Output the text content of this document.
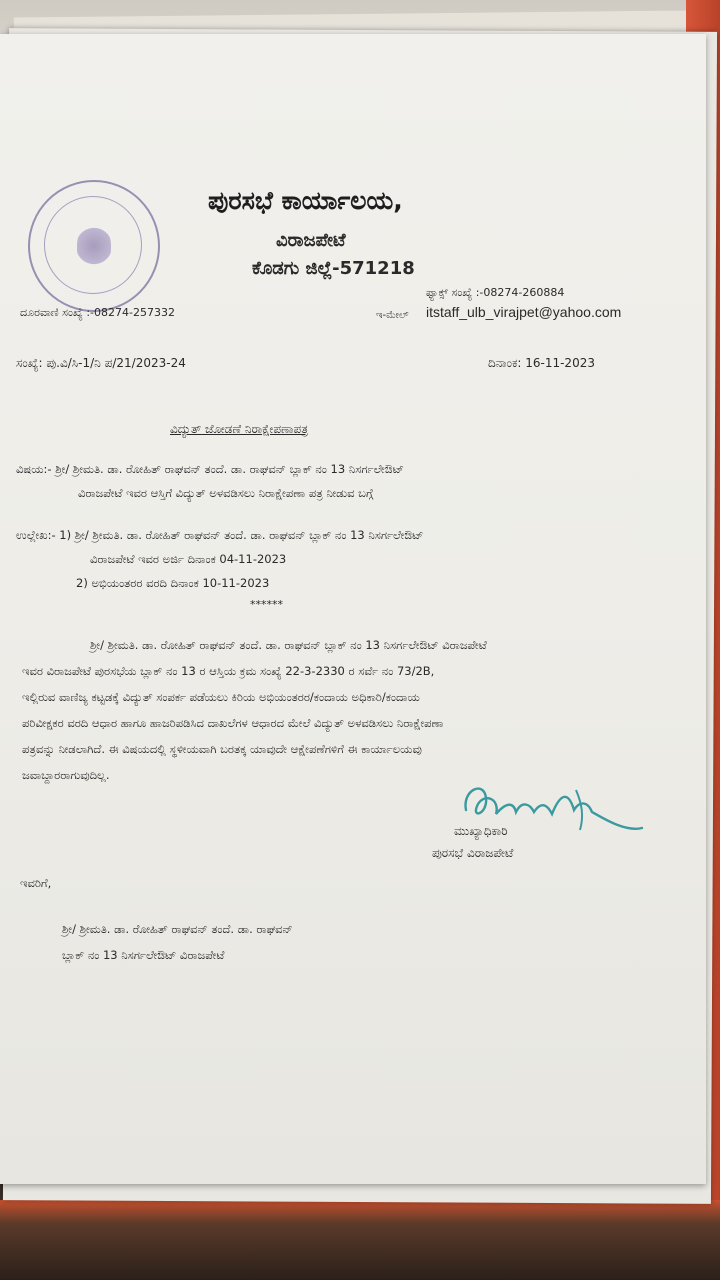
ಪುರಸಭೆ ಕಾರ್ಯಾಲಯ,
ವಿರಾಜಪೇಟೆ
ಕೊಡಗು ಜಿಲ್ಲೆ-571218
ಫ್ಯಾಕ್ಸ್ ಸಂಖ್ಯೆ :-08274-260884
ದೂರವಾಣಿ ಸಂಖ್ಯೆ :-08274-257332	ಇ-ಮೇಲ್ itstaff_ulb_virajpet@yahoo.com
ಸಂಖ್ಯೆ: ಪು.ವಿ/ಸಿ-1/ನಿ ಪ/21/2023-24	ದಿನಾಂಕ: 16-11-2023
ವಿದ್ಯುತ್ ಜೋಡಣೆ ನಿರಾಕ್ಷೇಪಣಾಪತ್ರ
ವಿಷಯ:- ಶ್ರೀ/ ಶ್ರೀಮತಿ. ಡಾ. ರೋಹಿತ್ ರಾಘವನ್ ತಂದೆ. ಡಾ. ರಾಘವನ್ ಬ್ಲಾಕ್ ನಂ 13 ನಿಸರ್ಗಲೇಔಟ್
ವಿರಾಜಪೇಟೆ ಇವರ ಆಸ್ತಿಗೆ ವಿದ್ಯುತ್ ಅಳವಡಿಸಲು ನಿರಾಕ್ಷೇಪಣಾ ಪತ್ರ ನೀಡುವ ಬಗ್ಗೆ
ಉಲ್ಲೇಖ:- 1) ಶ್ರೀ/ ಶ್ರೀಮತಿ. ಡಾ. ರೋಹಿತ್ ರಾಘವನ್ ತಂದೆ. ಡಾ. ರಾಘವನ್ ಬ್ಲಾಕ್ ನಂ 13 ನಿಸರ್ಗಲೇಔಟ್
ವಿರಾಜಪೇಟೆ ಇವರ ಅರ್ಜಿ ದಿನಾಂಕ 04-11-2023
2) ಅಭಿಯಂತರರ ವರದಿ ದಿನಾಂಕ 10-11-2023
******
ಶ್ರೀ/ ಶ್ರೀಮತಿ. ಡಾ. ರೋಹಿತ್ ರಾಘವನ್ ತಂದೆ. ಡಾ. ರಾಘವನ್ ಬ್ಲಾಕ್ ನಂ 13 ನಿಸರ್ಗಲೇಔಟ್ ವಿರಾಜಪೇಟೆ
ಇವರ ವಿರಾಜಪೇಟೆ ಪುರಸಭೆಯ ಬ್ಲಾಕ್ ನಂ 13 ರ ಆಸ್ತಿಯ ಕ್ರಮ ಸಂಖ್ಯೆ 22-3-2330 ರ ಸರ್ವೆ ನಂ 73/2B,
ಇಲ್ಲಿರುವ ವಾಣಿಜ್ಯ ಕಟ್ಟಡಕ್ಕೆ ವಿದ್ಯುತ್ ಸಂಪರ್ಕ ಪಡೆಯಲು ಕಿರಿಯ ಅಭಿಯಂತರರ/ಕಂದಾಯ ಅಧಿಕಾರಿ/ಕಂದಾಯ
ಪರಿವೀಕ್ಷಕರ ವರದಿ ಆಧಾರ ಹಾಗೂ ಹಾಜರಿಪಡಿಸಿದ ದಾಖಲೆಗಳ ಆಧಾರದ ಮೇಲೆ ವಿದ್ಯುತ್ ಅಳವಡಿಸಲು ನಿರಾಕ್ಷೇಪಣಾ
ಪತ್ರವನ್ನು ನೀಡಲಾಗಿದೆ. ಈ ವಿಷಯದಲ್ಲಿ ಸ್ಥಳೀಯವಾಗಿ ಬರತಕ್ಕ ಯಾವುದೇ ಆಕ್ಷೇಪಣೆಗಳಿಗೆ ಈ ಕಾರ್ಯಾಲಯವು
ಜವಾಬ್ದಾರರಾಗುವುದಿಲ್ಲ.
ಮುಖ್ಯಾಧಿಕಾರಿ
ಪುರಸಭೆ ವಿರಾಜಪೇಟೆ
ಇವರಿಗೆ,
ಶ್ರೀ/ ಶ್ರೀಮತಿ. ಡಾ. ರೋಹಿತ್ ರಾಘವನ್ ತಂದೆ. ಡಾ. ರಾಘವನ್
ಬ್ಲಾಕ್ ನಂ 13 ನಿಸರ್ಗಲೇಔಟ್ ವಿರಾಜಪೇಟೆ
